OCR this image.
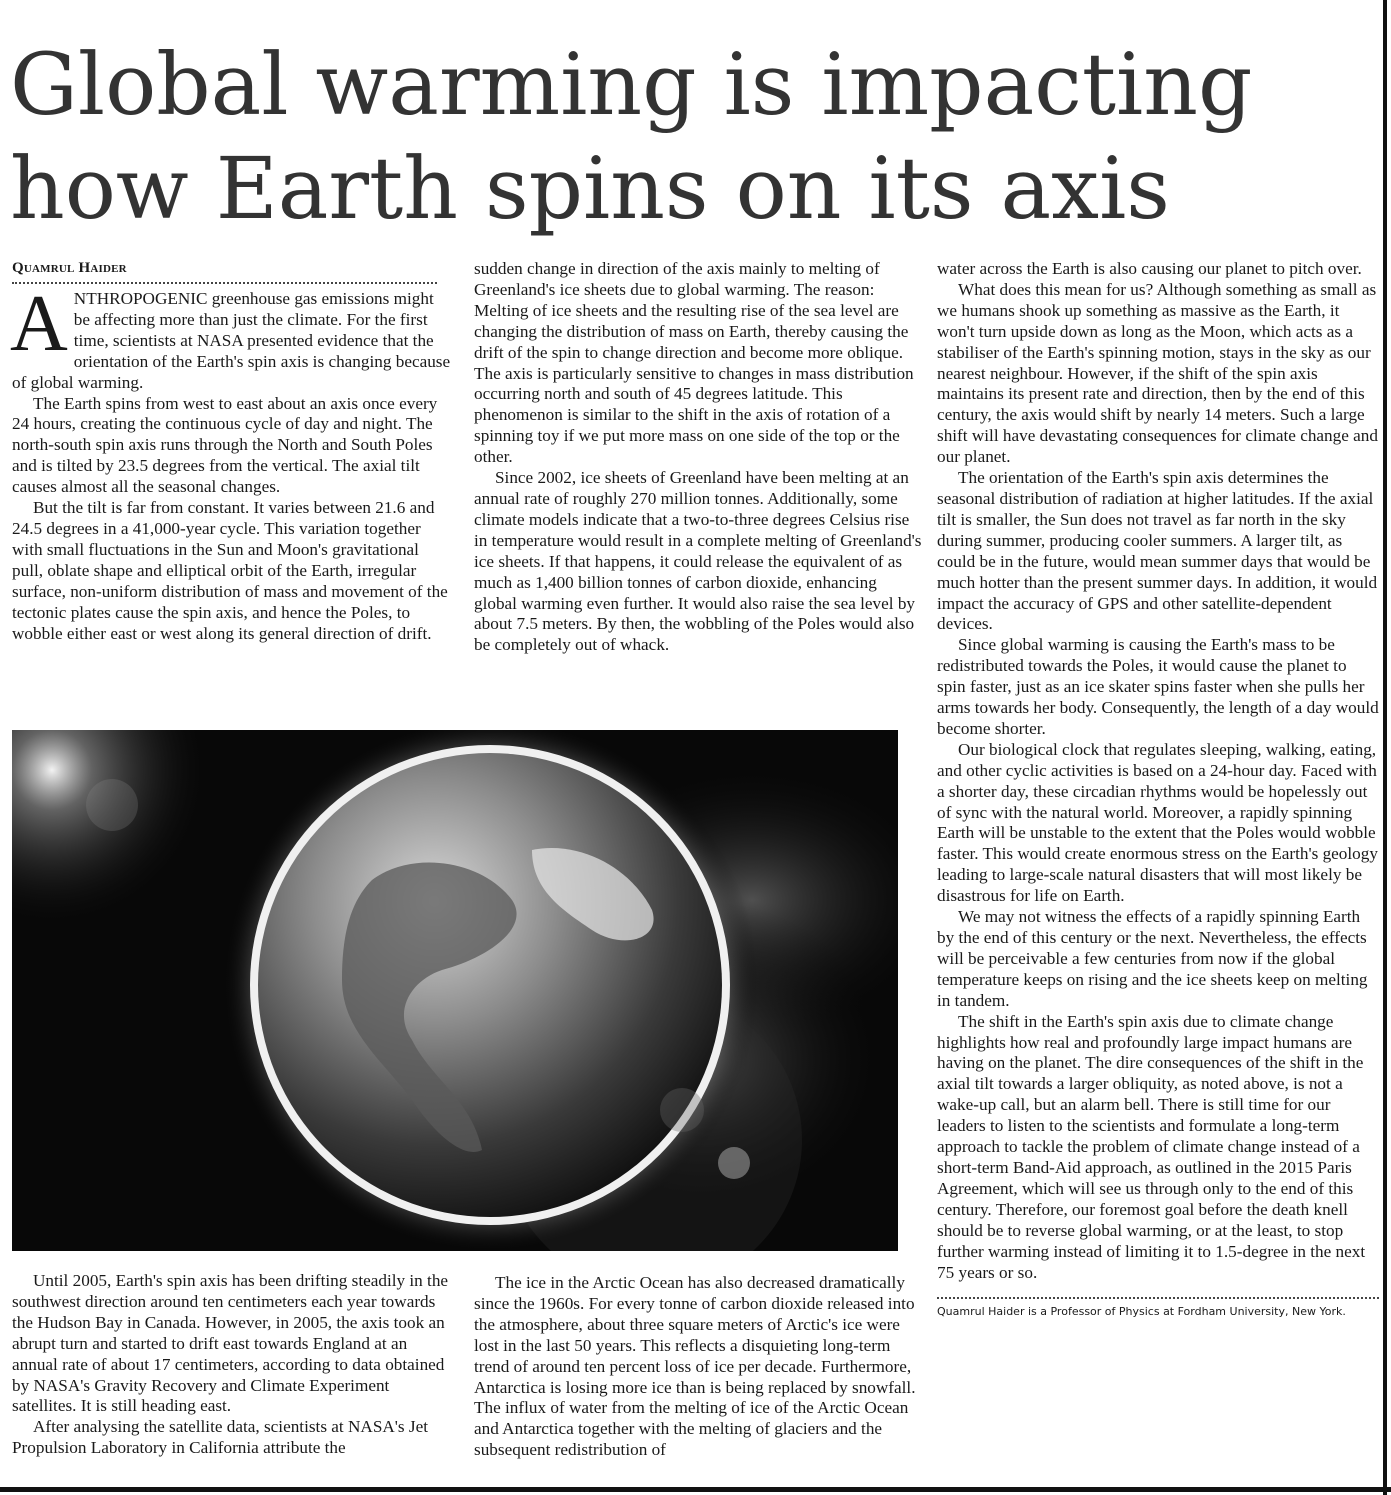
Global warming is impacting
how Earth spins on its axis
Quamrul Haider

ANTHROPOGENIC greenhouse gas emissions might be affecting more than just the climate. For the first time, scientists at NASA presented evidence that the orientation of the Earth's spin axis is changing because of global warming.

The Earth spins from west to east about an axis once every 24 hours, creating the continuous cycle of day and night. The north-south spin axis runs through the North and South Poles and is tilted by 23.5 degrees from the vertical. The axial tilt causes almost all the seasonal changes.

But the tilt is far from constant. It varies between 21.6 and 24.5 degrees in a 41,000-year cycle. This variation together with small fluctuations in the Sun and Moon's gravitational pull, oblate shape and elliptical orbit of the Earth, irregular surface, non-uniform distribution of mass and movement of the tectonic plates cause the spin axis, and hence the Poles, to wobble either east or west along its general direction of drift.

sudden change in direction of the axis mainly to melting of Greenland's ice sheets due to global warming. The reason: Melting of ice sheets and the resulting rise of the sea level are changing the distribution of mass on Earth, thereby causing the drift of the spin to change direction and become more oblique. The axis is particularly sensitive to changes in mass distribution occurring north and south of 45 degrees latitude. This phenomenon is similar to the shift in the axis of rotation of a spinning toy if we put more mass on one side of the top or the other.

Since 2002, ice sheets of Greenland have been melting at an annual rate of roughly 270 million tonnes. Additionally, some climate models indicate that a two-to-three degrees Celsius rise in temperature would result in a complete melting of Greenland's ice sheets. If that happens, it could release the equivalent of as much as 1,400 billion tonnes of carbon dioxide, enhancing global warming even further. It would also raise the sea level by about 7.5 meters. By then, the wobbling of the Poles would also be completely out of whack.

water across the Earth is also causing our planet to pitch over.

What does this mean for us? Although something as small as we humans shook up something as massive as the Earth, it won't turn upside down as long as the Moon, which acts as a stabiliser of the Earth's spinning motion, stays in the sky as our nearest neighbour. However, if the shift of the spin axis maintains its present rate and direction, then by the end of this century, the axis would shift by nearly 14 meters. Such a large shift will have devastating consequences for climate change and our planet.

The orientation of the Earth's spin axis determines the seasonal distribution of radiation at higher latitudes. If the axial tilt is smaller, the Sun does not travel as far north in the sky during summer, producing cooler summers. A larger tilt, as could be in the future, would mean summer days that would be much hotter than the present summer days. In addition, it would impact the accuracy of GPS and other satellite-dependent devices.

Since global warming is causing the Earth's mass to be redistributed towards the Poles, it would cause the planet to spin faster, just as an ice skater spins faster when she pulls her arms towards her body. Consequently, the length of a day would become shorter.

Our biological clock that regulates sleeping, walking, eating, and other cyclic activities is based on a 24-hour day. Faced with a shorter day, these circadian rhythms would be hopelessly out of sync with the natural world. Moreover, a rapidly spinning Earth will be unstable to the extent that the Poles would wobble faster. This would create enormous stress on the Earth's geology leading to large-scale natural disasters that will most likely be disastrous for life on Earth.

We may not witness the effects of a rapidly spinning Earth by the end of this century or the next. Nevertheless, the effects will be perceivable a few centuries from now if the global temperature keeps on rising and the ice sheets keep on melting in tandem.

The shift in the Earth's spin axis due to climate change highlights how real and profoundly large impact humans are having on the planet. The dire consequences of the shift in the axial tilt towards a larger obliquity, as noted above, is not a wake-up call, but an alarm bell. There is still time for our leaders to listen to the scientists and formulate a long-term approach to tackle the problem of climate change instead of a short-term Band-Aid approach, as outlined in the 2015 Paris Agreement, which will see us through only to the end of this century. Therefore, our foremost goal before the death knell should be to reverse global warming, or at the least, to stop further warming instead of limiting it to 1.5-degree in the next 75 years or so.

Quamrul Haider is a Professor of Physics at Fordham University, New York.

Until 2005, Earth's spin axis has been drifting steadily in the southwest direction around ten centimeters each year towards the Hudson Bay in Canada. However, in 2005, the axis took an abrupt turn and started to drift east towards England at an annual rate of about 17 centimeters, according to data obtained by NASA's Gravity Recovery and Climate Experiment satellites. It is still heading east.

After analysing the satellite data, scientists at NASA's Jet Propulsion Laboratory in California attribute the

The ice in the Arctic Ocean has also decreased dramatically since the 1960s. For every tonne of carbon dioxide released into the atmosphere, about three square meters of Arctic's ice were lost in the last 50 years. This reflects a disquieting long-term trend of around ten percent loss of ice per decade. Furthermore, Antarctica is losing more ice than is being replaced by snowfall. The influx of water from the melting of ice of the Arctic Ocean and Antarctica together with the melting of glaciers and the subsequent redistribution of
